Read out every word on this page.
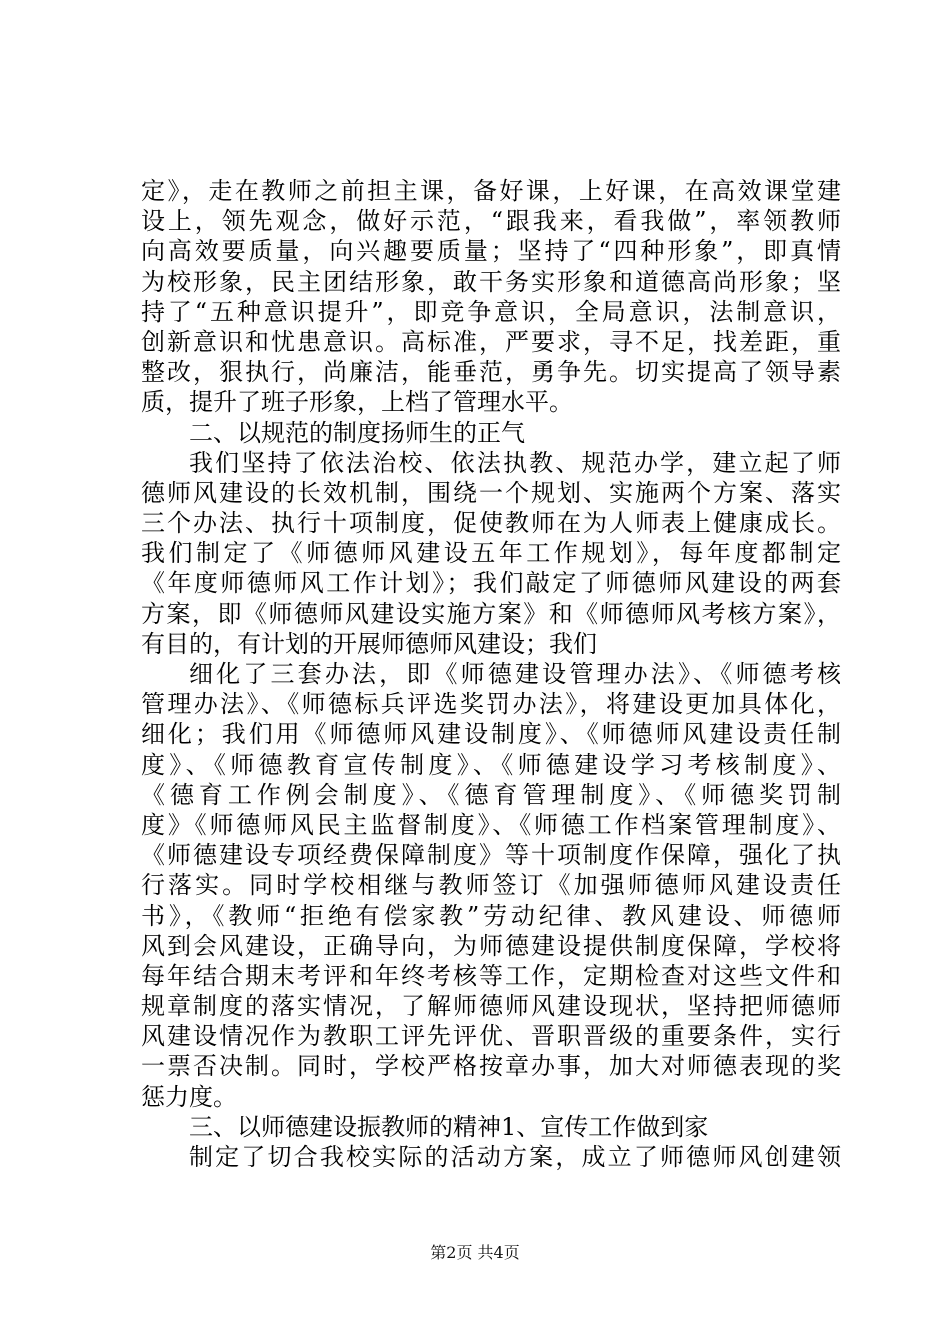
定》，走在教师之前担主课，备好课，上好课，在高效课堂建
设上，领先观念，做好示范，“跟我来，看我做”，率领教师
向高效要质量，向兴趣要质量；坚持了“四种形象”，即真情
为校形象，民主团结形象，敢干务实形象和道德高尚形象；坚
持了“五种意识提升”，即竞争意识，全局意识，法制意识，
创新意识和忧患意识。高标准，严要求，寻不足，找差距，重
整改，狠执行，尚廉洁，能垂范，勇争先。切实提高了领导素
质，提升了班子形象，上档了管理水平。
二、以规范的制度扬师生的正气
我们坚持了依法治校、依法执教、规范办学，建立起了师
德师风建设的长效机制，围绕一个规划、实施两个方案、落实
三个办法、执行十项制度，促使教师在为人师表上健康成长。
我们制定了《师德师风建设五年工作规划》，每年度都制定
《年度师德师风工作计划》；我们敲定了师德师风建设的两套
方案，即《师德师风建设实施方案》和《师德师风考核方案》，
有目的，有计划的开展师德师风建设；我们
细化了三套办法，即《师德建设管理办法》、《师德考核
管理办法》、《师德标兵评选奖罚办法》，将建设更加具体化，
细化；我们用《师德师风建设制度》、《师德师风建设责任制
度》、《师德教育宣传制度》、《师德建设学习考核制度》、
《德育工作例会制度》、《德育管理制度》、《师德奖罚制
度》《师德师风民主监督制度》、《师德工作档案管理制度》、
《师德建设专项经费保障制度》等十项制度作保障，强化了执
行落实。同时学校相继与教师签订《加强师德师风建设责任
书》，《教师“拒绝有偿家教”劳动纪律、教风建设、师德师
风到会风建设，正确导向，为师德建设提供制度保障，学校将
每年结合期末考评和年终考核等工作，定期检查对这些文件和
规章制度的落实情况，了解师德师风建设现状，坚持把师德师
风建设情况作为教职工评先评优、晋职晋级的重要条件，实行
一票否决制。同时，学校严格按章办事，加大对师德表现的奖
惩力度。
三、以师德建设振教师的精神1、宣传工作做到家
制定了切合我校实际的活动方案，成立了师德师风创建领
第2页 共4页
